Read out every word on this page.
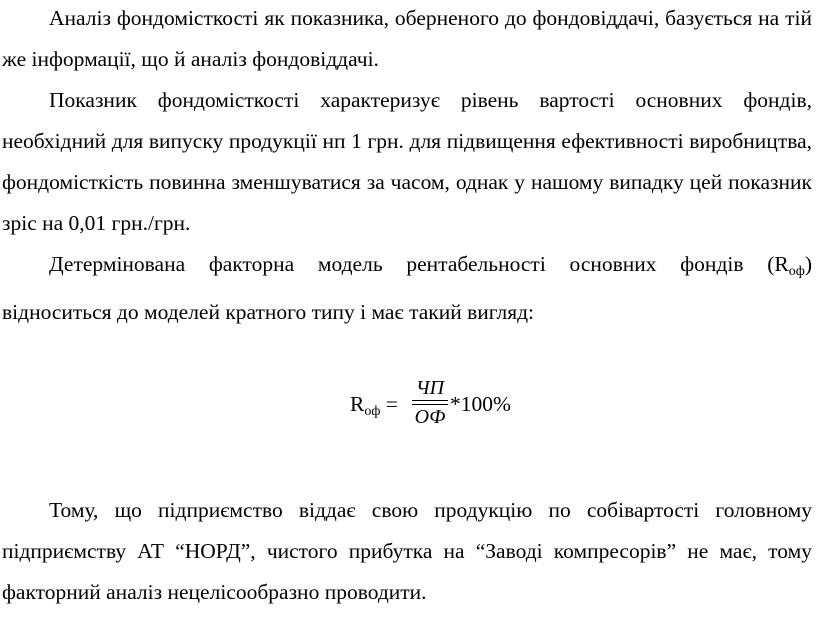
Аналіз фондомісткості як показника, оберненого до фондовіддачі, базується на тій же інформації, що й аналіз фондовіддачі.

Показник фондомісткості характеризує рівень вартості основних фондів, необхідний для випуску продукції нп 1 грн. для підвищення ефективності виробництва, фондомісткість повинна зменшуватися за часом, однак у нашому випадку цей показник зріс на 0,01 грн./грн.

Детермінована факторна модель рентабельності основних фондів $(R_{оф})$ відноситься до моделей кратного типу і має такий вигляд:

$R_{оф}$ =
ЧП
ОФ
*100%

Тому, що підприємство віддає свою продукцію по собівартості головному підприємству АТ “НОРД”, чистого прибутка на “Заводі компресорів” не має, тому факторний аналіз нецелісообразно проводити.
